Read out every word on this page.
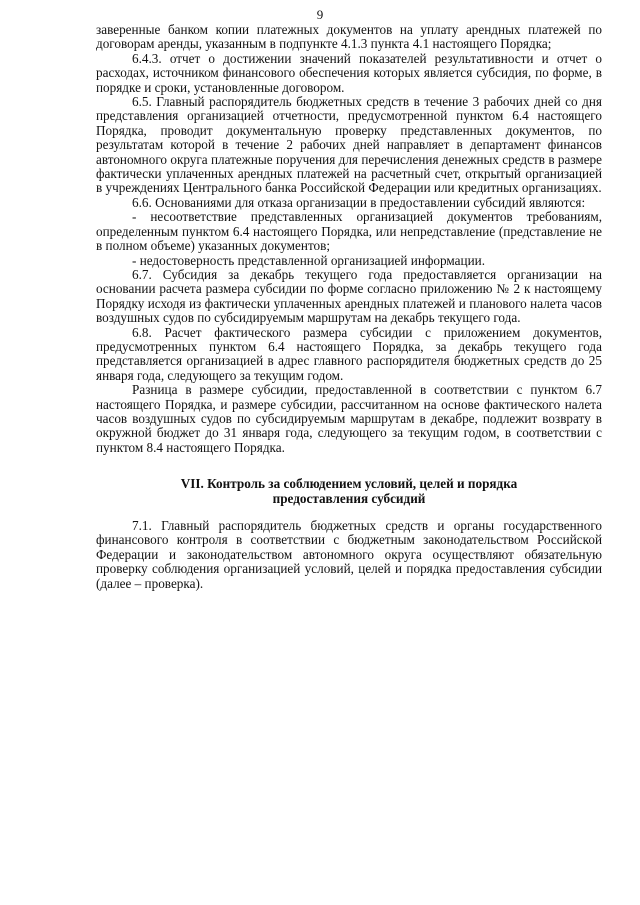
9

заверенные банком копии платежных документов на уплату арендных платежей по договорам аренды, указанным в подпункте 4.1.3 пункта 4.1 настоящего Порядка;

6.4.3. отчет о достижении значений показателей результативности и отчет о расходах, источником финансового обеспечения которых является субсидия, по форме, в порядке и сроки, установленные договором.

6.5. Главный распорядитель бюджетных средств в течение 3 рабочих дней со дня представления организацией отчетности, предусмотренной пунктом 6.4 настоящего Порядка, проводит документальную проверку представленных документов, по результатам которой в течение 2 рабочих дней направляет в департамент финансов автономного округа платежные поручения для перечисления денежных средств в размере фактически уплаченных арендных платежей на расчетный счет, открытый организацией в учреждениях Центрального банка Российской Федерации или кредитных организациях.

6.6. Основаниями для отказа организации в предоставлении субсидий являются:

- несоответствие представленных организацией документов требованиям, определенным пунктом 6.4 настоящего Порядка, или непредставление (представление не в полном объеме) указанных документов;

- недостоверность представленной организацией информации.

6.7. Субсидия за декабрь текущего года предоставляется организации на основании расчета размера субсидии по форме согласно приложению № 2 к настоящему Порядку исходя из фактически уплаченных арендных платежей и планового налета часов воздушных судов по субсидируемым маршрутам на декабрь текущего года.

6.8. Расчет фактического размера субсидии с приложением документов, предусмотренных пунктом 6.4 настоящего Порядка, за декабрь текущего года представляется организацией в адрес главного распорядителя бюджетных средств до 25 января года, следующего за текущим годом.

Разница в размере субсидии, предоставленной в соответствии с пунктом 6.7 настоящего Порядка, и размере субсидии, рассчитанном на основе фактического налета часов воздушных судов по субсидируемым маршрутам в декабре, подлежит возврату в окружной бюджет до 31 января года, следующего за текущим годом, в соответствии с пунктом 8.4 настоящего Порядка.

VII. Контроль за соблюдением условий, целей и порядка
предоставления субсидий

7.1. Главный распорядитель бюджетных средств и органы государственного финансового контроля в соответствии с бюджетным законодательством Российской Федерации и законодательством автономного округа осуществляют обязательную проверку соблюдения организацией условий, целей и порядка предоставления субсидии (далее – проверка).
